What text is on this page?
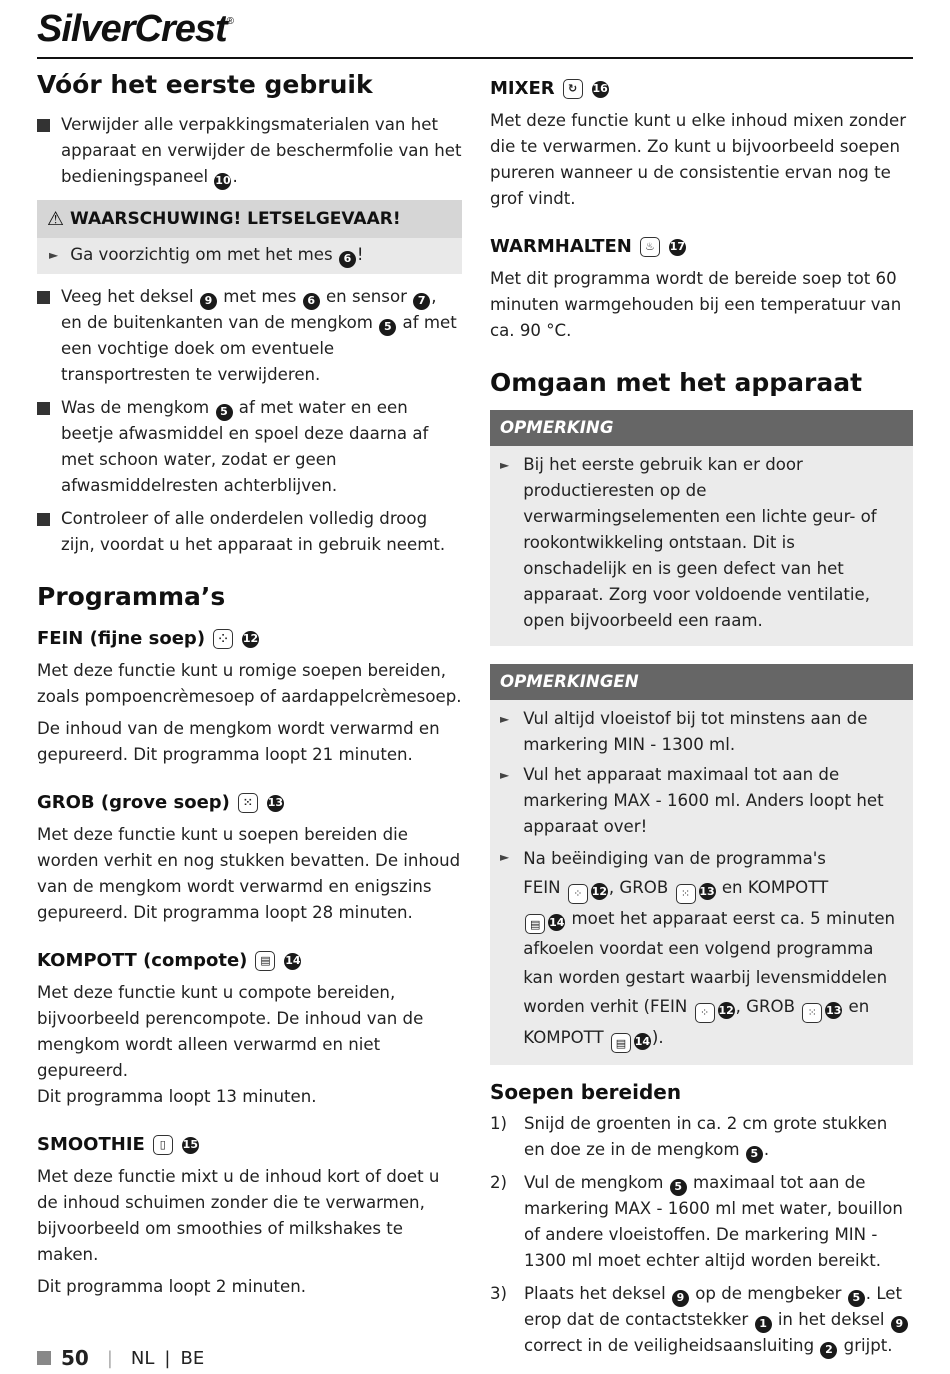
SilverCrest®
Vóór het eerste gebruik
Verwijder alle verpakkingsmaterialen van het apparaat en verwijder de beschermfolie van het bedieningspaneel 10 .
⚠ WAARSCHUWING! LETSELGEVAAR!
► Ga voorzichtig om met het mes 6 !
Veeg het deksel 9 met mes 6 en sensor 7 , en de buitenkanten van de mengkom 5 af met een vochtige doek om eventuele transportresten te verwijderen.
Was de mengkom 5 af met water en een beetje afwasmiddel en spoel deze daarna af met schoon water, zodat er geen afwasmiddelresten achterblijven.
Controleer of alle onderdelen volledig droog zijn, voordat u het apparaat in gebruik neemt.
Programma’s
FEIN (fijne soep)	⁘	12

Met deze functie kunt u romige soepen bereiden, zoals pompoencrèmesoep of aardappelcrèmesoep.

De inhoud van de mengkom wordt verwarmd en gepureerd. Dit programma loopt 21 minuten.

GROB (grove soep)	⁙	13

Met deze functie kunt u soepen bereiden die worden verhit en nog stukken bevatten. De inhoud van de mengkom wordt verwarmd en enigszins gepureerd. Dit programma loopt 28 minuten.

KOMPOTT (compote)	▤	14

Met deze functie kunt u compote bereiden, bijvoorbeeld perencompote. De inhoud van de mengkom wordt alleen verwarmd en niet gepureerd.

Dit programma loopt 13 minuten.

SMOOTHIE	▯	15

Met deze functie mixt u de inhoud kort of doet u de inhoud schuimen zonder die te verwarmen, bijvoorbeeld om smoothies of milkshakes te maken.

Dit programma loopt 2 minuten.

MIXER	↻	16

Met deze functie kunt u elke inhoud mixen zonder die te verwarmen. Zo kunt u bijvoorbeeld soepen pureren wanneer u de consistentie ervan nog te grof vindt.

WARMHALTEN	♨	17

Met dit programma wordt de bereide soep tot 60 minuten warmgehouden bij een temperatuur van ca. 90 °C.

Omgaan met het apparaat
OPMERKING
► Bij het eerste gebruik kan er door productieresten op de verwarmingselementen een lichte geur- of rookontwikkeling ontstaan. Dit is onschadelijk en is geen defect van het apparaat. Zorg voor voldoende ventilatie, open bijvoorbeeld een raam.
OPMERKINGEN
► Vul altijd vloeistof bij tot minstens aan de markering MIN - 1300 ml.
► Vul het apparaat maximaal tot aan de markering MAX - 1600 ml. Anders loopt het apparaat over!
► Na beëindiging van de programma's
FEIN ⁘ 12 , GROB ⁙ 13 en KOMPOTT
▤ 14 moet het apparaat eerst ca. 5 minuten afkoelen voordat een volgend programma kan worden gestart waarbij levensmiddelen worden verhit (FEIN ⁘ 12 , GROB ⁙ 13 en KOMPOTT ▤ 14 ).
Soepen bereiden
1) Snijd de groenten in ca. 2 cm grote stukken en doe ze in de mengkom 5 .
2) Vul de mengkom 5 maximaal tot aan de markering MAX - 1600 ml met water, bouillon of andere vloeistoffen. De markering MIN - 1300 ml moet echter altijd worden bereikt.
3) Plaats het deksel 9 op de mengbeker 5 . Let erop dat de contactstekker 1 in het deksel 9 correct in de veiligheidsaansluiting 2 grijpt.
50 | NL | BE
